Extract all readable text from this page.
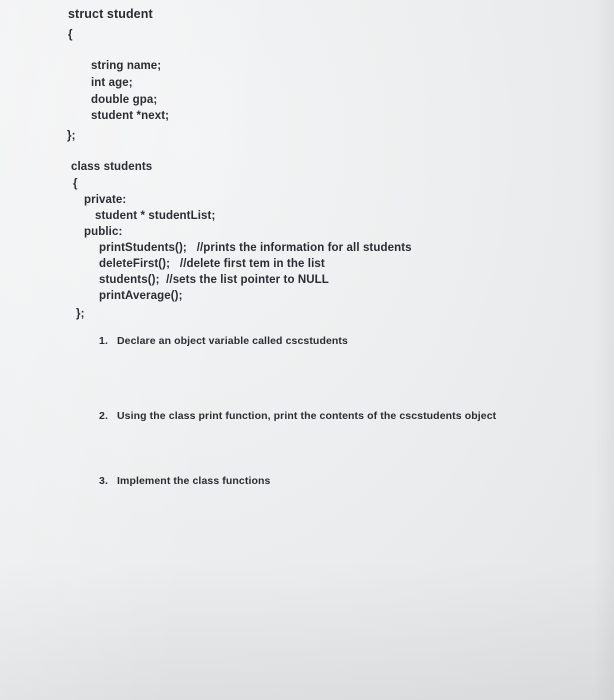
struct student
{
string name;
int age;
double gpa;
student *next;
};
class students
{
private:
student * studentList;
public:
printStudents();   //prints the information for all students
deleteFirst();   //delete first tem in the list
students();  //sets the list pointer to NULL
printAverage();
};
1. Declare an object variable called cscstudents
2. Using the class print function, print the contents of the cscstudents object
3. Implement the class functions
